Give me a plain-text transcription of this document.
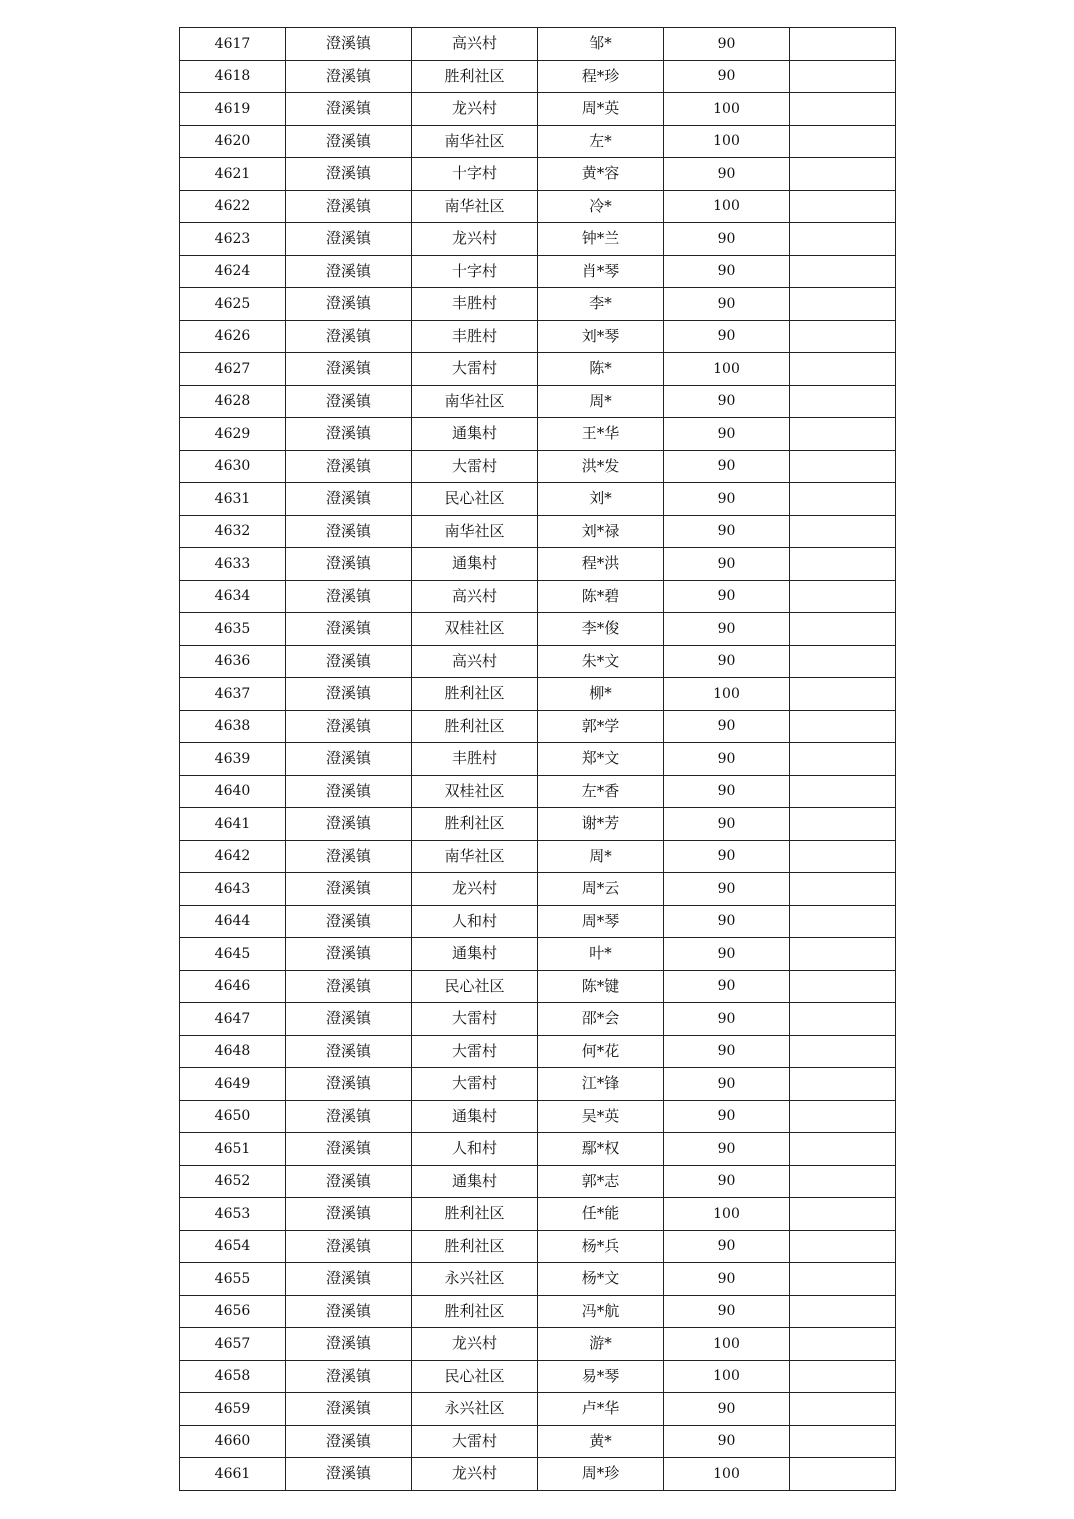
4617	澄溪镇	高兴村	邹*	90	
4618	澄溪镇	胜利社区	程*珍	90	
4619	澄溪镇	龙兴村	周*英	100	
4620	澄溪镇	南华社区	左*	100	
4621	澄溪镇	十字村	黄*容	90	
4622	澄溪镇	南华社区	冷*	100	
4623	澄溪镇	龙兴村	钟*兰	90	
4624	澄溪镇	十字村	肖*琴	90	
4625	澄溪镇	丰胜村	李*	90	
4626	澄溪镇	丰胜村	刘*琴	90	
4627	澄溪镇	大雷村	陈*	100	
4628	澄溪镇	南华社区	周*	90	
4629	澄溪镇	通集村	王*华	90	
4630	澄溪镇	大雷村	洪*发	90	
4631	澄溪镇	民心社区	刘*	90	
4632	澄溪镇	南华社区	刘*禄	90	
4633	澄溪镇	通集村	程*洪	90	
4634	澄溪镇	高兴村	陈*碧	90	
4635	澄溪镇	双桂社区	李*俊	90	
4636	澄溪镇	高兴村	朱*文	90	
4637	澄溪镇	胜利社区	柳*	100	
4638	澄溪镇	胜利社区	郭*学	90	
4639	澄溪镇	丰胜村	郑*文	90	
4640	澄溪镇	双桂社区	左*香	90	
4641	澄溪镇	胜利社区	谢*芳	90	
4642	澄溪镇	南华社区	周*	90	
4643	澄溪镇	龙兴村	周*云	90	
4644	澄溪镇	人和村	周*琴	90	
4645	澄溪镇	通集村	叶*	90	
4646	澄溪镇	民心社区	陈*键	90	
4647	澄溪镇	大雷村	邵*会	90	
4648	澄溪镇	大雷村	何*花	90	
4649	澄溪镇	大雷村	江*锋	90	
4650	澄溪镇	通集村	吴*英	90	
4651	澄溪镇	人和村	鄢*权	90	
4652	澄溪镇	通集村	郭*志	90	
4653	澄溪镇	胜利社区	任*能	100	
4654	澄溪镇	胜利社区	杨*兵	90	
4655	澄溪镇	永兴社区	杨*文	90	
4656	澄溪镇	胜利社区	冯*航	90	
4657	澄溪镇	龙兴村	游*	100	
4658	澄溪镇	民心社区	易*琴	100	
4659	澄溪镇	永兴社区	卢*华	90	
4660	澄溪镇	大雷村	黄*	90	
4661	澄溪镇	龙兴村	周*珍	100	
